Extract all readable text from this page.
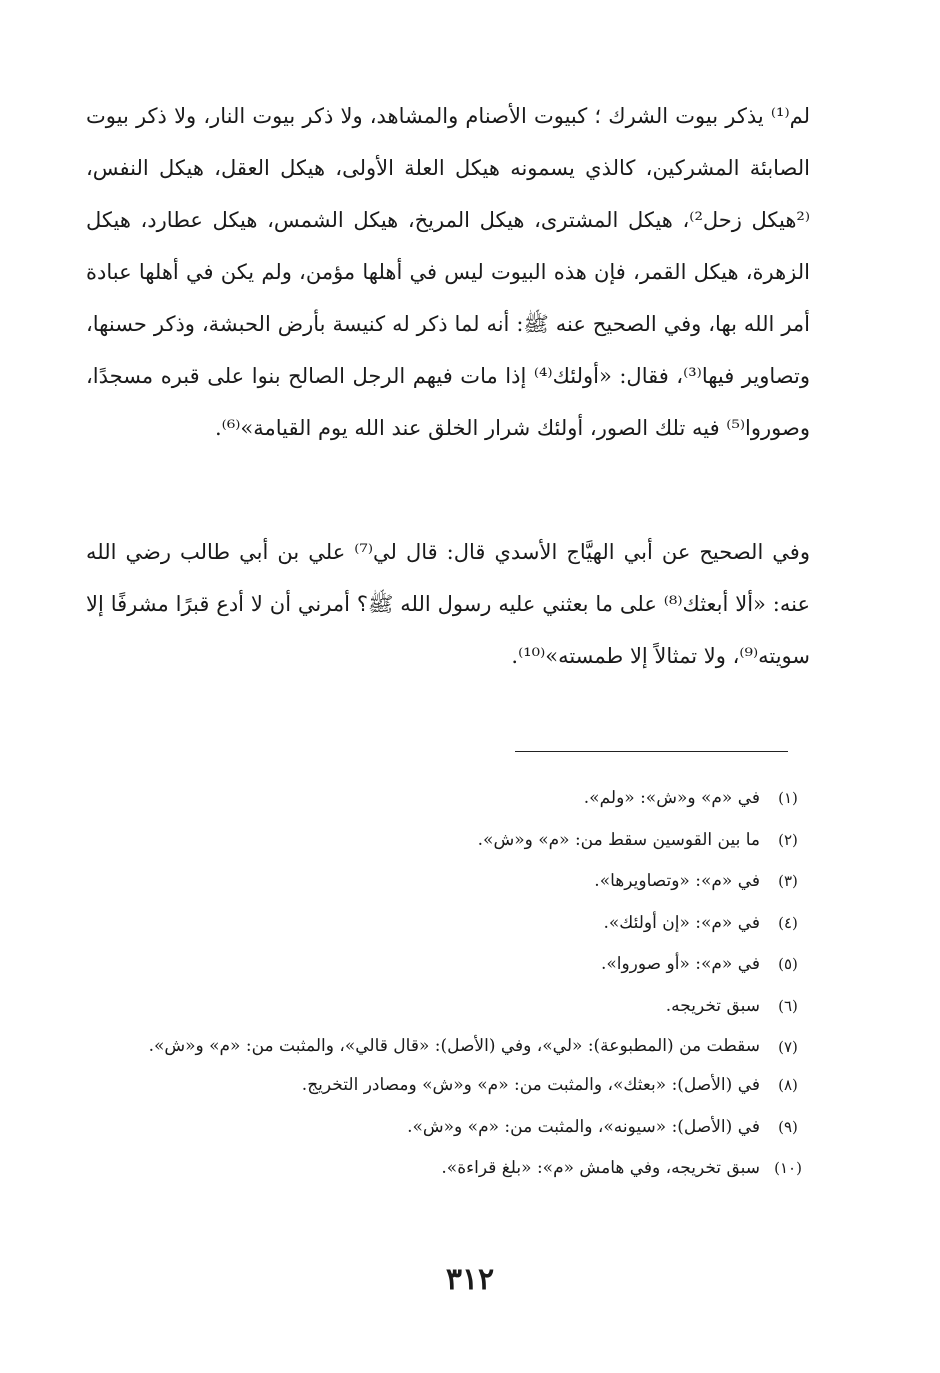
لم⁽¹⁾ يذكر بيوت الشرك ؛ كبيوت الأصنام والمشاهد، ولا ذكر بيوت النار، ولا ذكر بيوت الصابئة المشركين، كالذي يسمونه هيكل العلة الأولى، هيكل العقل، هيكل النفس، ⁽²هيكل زحل²⁾، هيكل المشترى، هيكل المريخ، هيكل الشمس، هيكل عطارد، هيكل الزهرة، هيكل القمر، فإن هذه البيوت ليس في أهلها مؤمن، ولم يكن في أهلها عبادة أمر الله بها، وفي الصحيح عنه ﷺ: أنه لما ذكر له كنيسة بأرض الحبشة، وذكر حسنها، وتصاوير فيها⁽³⁾، فقال: «أولئك⁽⁴⁾ إذا مات فيهم الرجل الصالح بنوا على قبره مسجدًا، وصوروا⁽⁵⁾ فيه تلك الصور، أولئك شرار الخلق عند الله يوم القيامة»⁽⁶⁾.

وفي الصحيح عن أبي الهيَّاج الأسدي قال: قال لي⁽⁷⁾ علي بن أبي طالب رضي الله عنه: «ألا أبعثك⁽⁸⁾ على ما بعثني عليه رسول الله ﷺ؟ أمرني أن لا أدع قبرًا مشرفًا إلا سويته⁽⁹⁾، ولا تمثالاً إلا طمسته»⁽¹⁰⁾.

(١)
في «م» و«ش»: «ولم».
(٢)
ما بين القوسين سقط من: «م» و«ش».
(٣)
في «م»: «وتصاويرها».
(٤)
في «م»: «إن أولئك».
(٥)
في «م»: «أو صوروا».
(٦)
سبق تخريجه.
(٧)
سقطت من (المطبوعة): «لي»، وفي (الأصل): «قال قالي»، والمثبت من: «م» و«ش».
(٨)
في (الأصل): «بعثك»، والمثبت من: «م» و«ش» ومصادر التخريج.
(٩)
في (الأصل): «سيونه»، والمثبت من: «م» و«ش».
(١٠)
سبق تخريجه، وفي هامش «م»: «بلغ قراءة».
٣١٢
